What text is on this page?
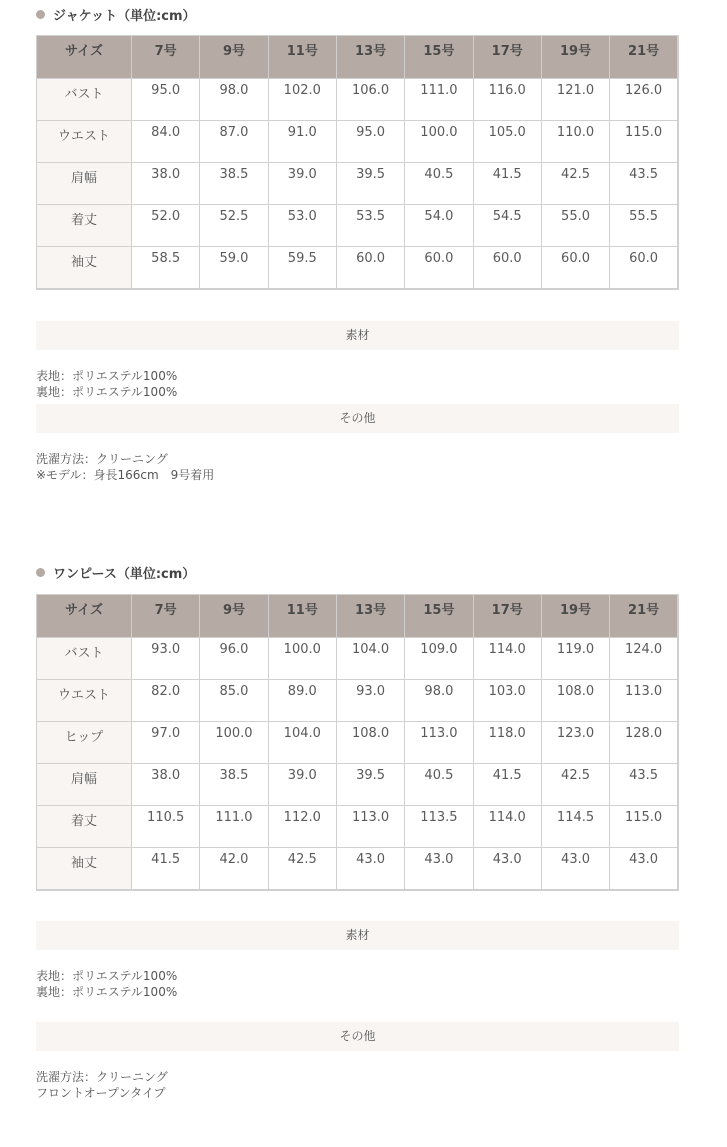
ジャケット（単位:cm）
サイズ	7号	9号	11号	13号	15号	17号	19号	21号
バスト	95.0	98.0	102.0	106.0	111.0	116.0	121.0	126.0
ウエスト	84.0	87.0	91.0	95.0	100.0	105.0	110.0	115.0
肩幅	38.0	38.5	39.0	39.5	40.5	41.5	42.5	43.5
着丈	52.0	52.5	53.0	53.5	54.0	54.5	55.0	55.5
袖丈	58.5	59.0	59.5	60.0	60.0	60.0	60.0	60.0
素材
表地：ポリエステル100%
裏地：ポリエステル100%
その他
洗濯方法：クリーニング
※モデル：身長166cm　9号着用
ワンピース（単位:cm）
サイズ	7号	9号	11号	13号	15号	17号	19号	21号
バスト	93.0	96.0	100.0	104.0	109.0	114.0	119.0	124.0
ウエスト	82.0	85.0	89.0	93.0	98.0	103.0	108.0	113.0
ヒップ	97.0	100.0	104.0	108.0	113.0	118.0	123.0	128.0
肩幅	38.0	38.5	39.0	39.5	40.5	41.5	42.5	43.5
着丈	110.5	111.0	112.0	113.0	113.5	114.0	114.5	115.0
袖丈	41.5	42.0	42.5	43.0	43.0	43.0	43.0	43.0
素材
表地：ポリエステル100%
裏地：ポリエステル100%
その他
洗濯方法：クリーニング
フロントオープンタイプ
